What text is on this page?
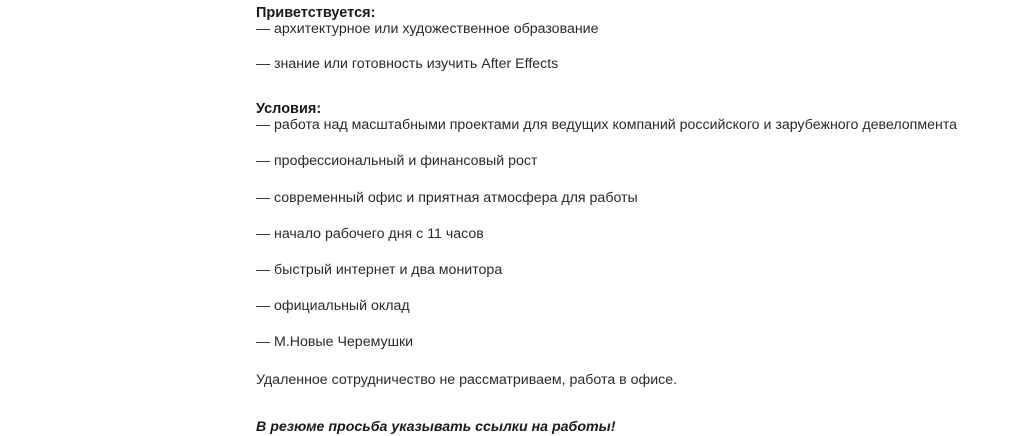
Приветствуется:

— архитектурное или художественное образование
— знание или готовность изучить After Effects

Условия:

— работа над масштабными проектами для ведущих компаний российского и зарубежного девелопмента
— профессиональный и финансовый рост
— современный офис и приятная атмосфера для работы
— начало рабочего дня с 11 часов
— быстрый интернет и два монитора
— официальный оклад
— М.Новые Черемушки

Удаленное сотрудничество не рассматриваем, работа в офисе.

В резюме просьба указывать ссылки на работы!
